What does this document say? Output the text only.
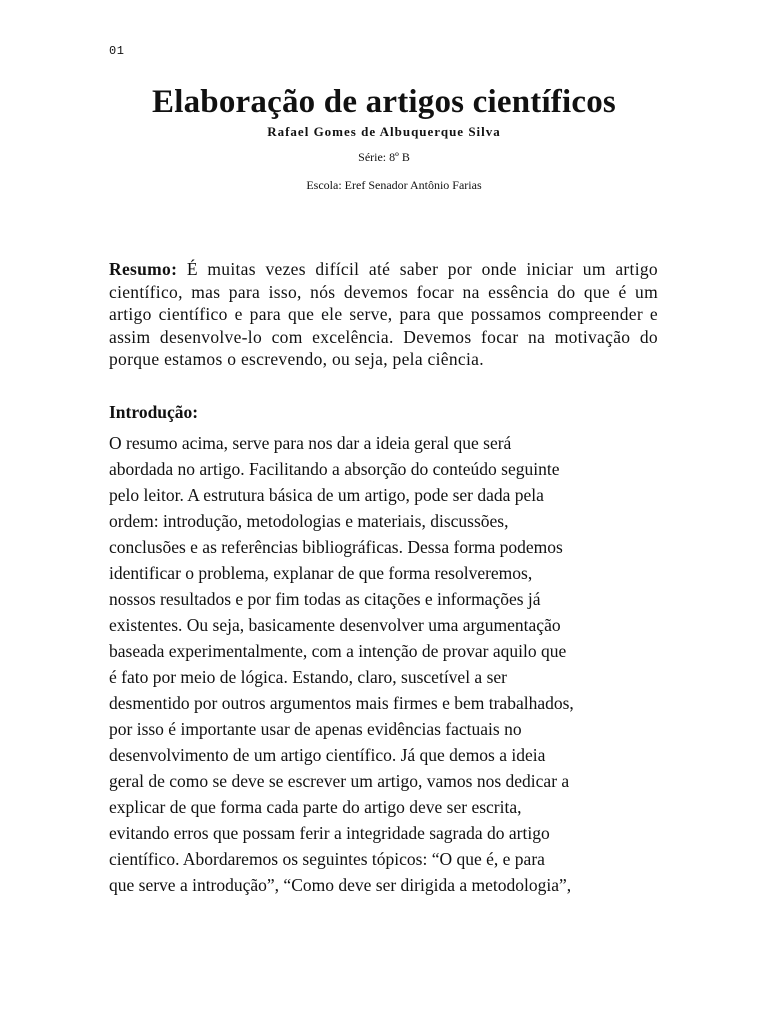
01
Elaboração de artigos científicos
Rafael Gomes de Albuquerque Silva
Série: 8º B
Escola: Eref Senador Antônio Farias

Resumo: É muitas vezes difícil até saber por onde iniciar um artigo científico, mas para isso, nós devemos focar na essência do que é um artigo científico e para que ele serve, para que possamos compreender e assim desenvolve-lo com excelência. Devemos focar na motivação do porque estamos o escrevendo, ou seja, pela ciência.

Introdução:

O resumo acima, serve para nos dar a ideia geral que será
abordada no artigo. Facilitando a absorção do conteúdo seguinte
pelo leitor. A estrutura básica de um artigo, pode ser dada pela
ordem: introdução, metodologias e materiais, discussões,
conclusões e as referências bibliográficas. Dessa forma podemos
identificar o problema, explanar de que forma resolveremos,
nossos resultados e por fim todas as citações e informações já
existentes. Ou seja, basicamente desenvolver uma argumentação
baseada experimentalmente, com a intenção de provar aquilo que
é fato por meio de lógica. Estando, claro, suscetível a ser
desmentido por outros argumentos mais firmes e bem trabalhados,
por isso é importante usar de apenas evidências factuais no
desenvolvimento de um artigo científico. Já que demos a ideia
geral de como se deve se escrever um artigo, vamos nos dedicar a
explicar de que forma cada parte do artigo deve ser escrita,
evitando erros que possam ferir a integridade sagrada do artigo
científico. Abordaremos os seguintes tópicos: “O que é, e para
que serve a introdução”, “Como deve ser dirigida a metodologia”,
